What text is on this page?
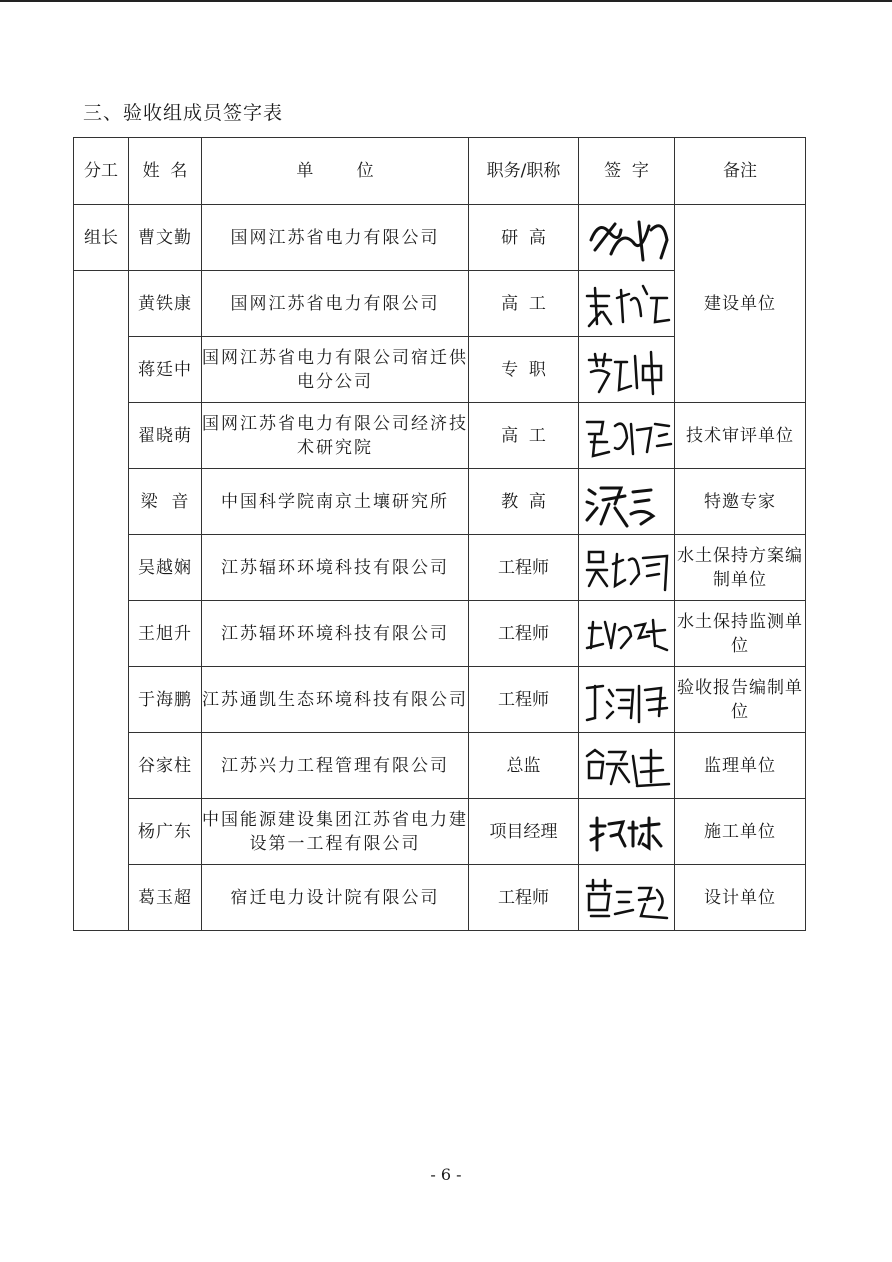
三、验收组成员签字表
分工	姓  名	单        位	职务/职称	签  字	备注
组长	曹文勤	国网江苏省电力有限公司	研  高		建设单位
	黄铁康	国网江苏省电力有限公司	高  工	

	蒋廷中	国网江苏省电力有限公司宿迁供电分公司	专  职	

	翟晓萌	国网江苏省电力有限公司经济技术研究院	高  工		技术审评单位
	梁  音	中国科学院南京土壤研究所	教  高		特邀专家
	吴越娴	江苏辐环环境科技有限公司	工程师		水土保持方案编制单位
	王旭升	江苏辐环环境科技有限公司	工程师		水土保持监测单位
	于海鹏	江苏通凯生态环境科技有限公司	工程师		验收报告编制单位
	谷家柱	江苏兴力工程管理有限公司	总监		监理单位
	杨广东	中国能源建设集团江苏省电力建设第一工程有限公司	项目经理		施工单位
	葛玉超	宿迁电力设计院有限公司	工程师		设计单位
- 6 -
